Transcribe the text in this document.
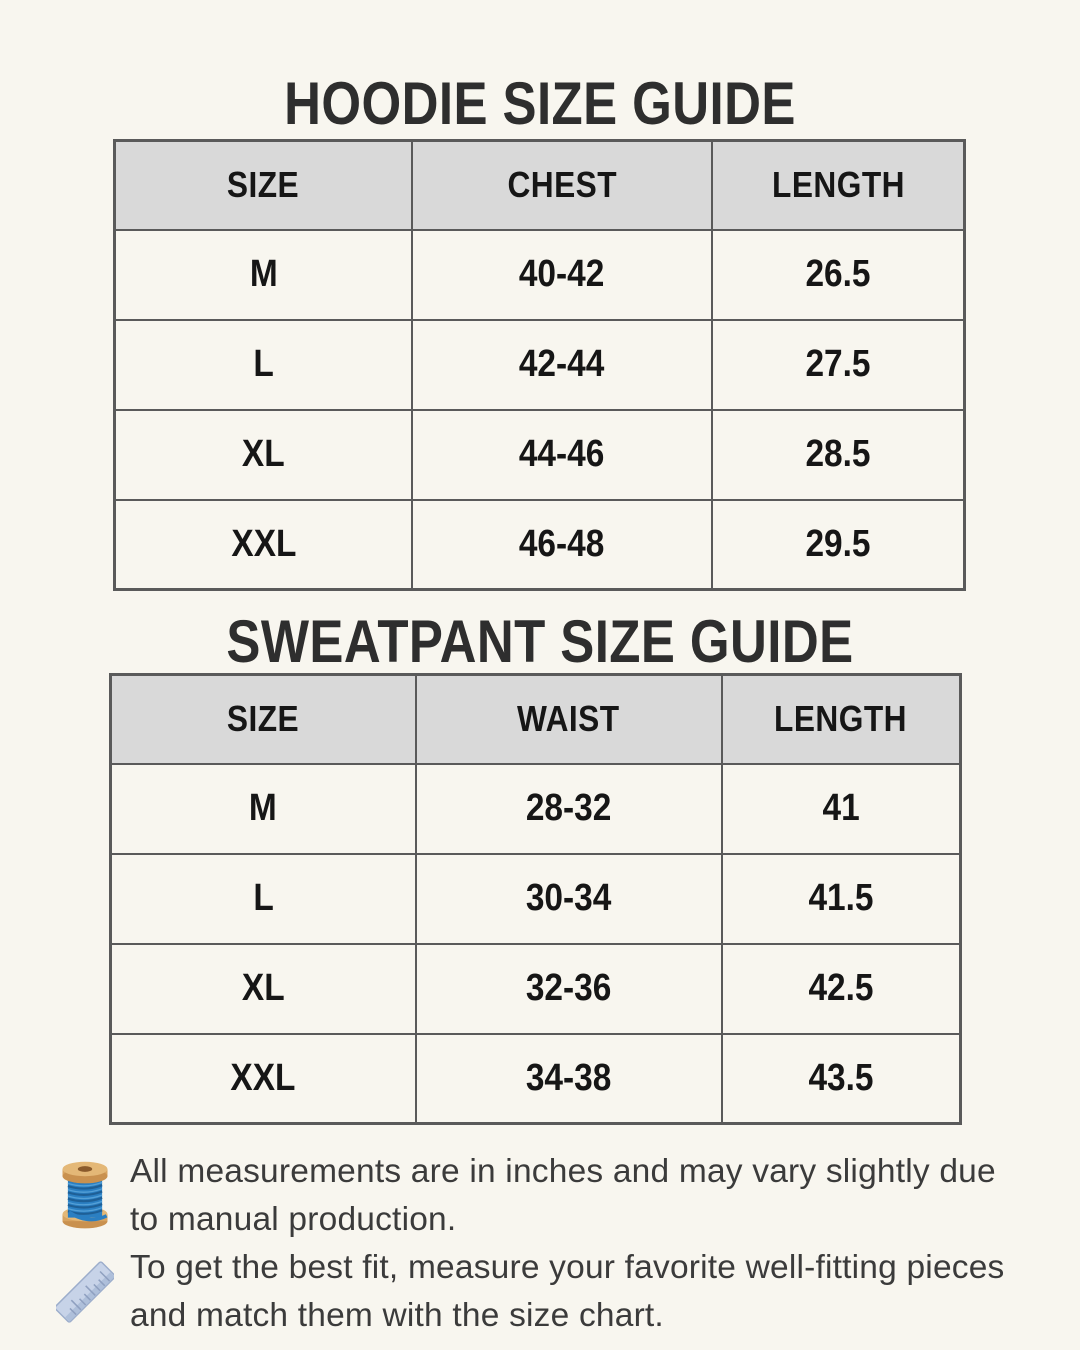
HOODIE SIZE GUIDE
SIZE	CHEST	LENGTH
M	40-42	26.5
L	42-44	27.5
XL	44-46	28.5
XXL	46-48	29.5
SWEATPANT SIZE GUIDE
SIZE	WAIST	LENGTH
M	28-32	41
L	30-34	41.5
XL	32-36	42.5
XXL	34-38	43.5
All measurements are in inches and may vary slightly due to manual production.
To get the best fit, measure your favorite well-fitting pieces and match them with the size chart.
